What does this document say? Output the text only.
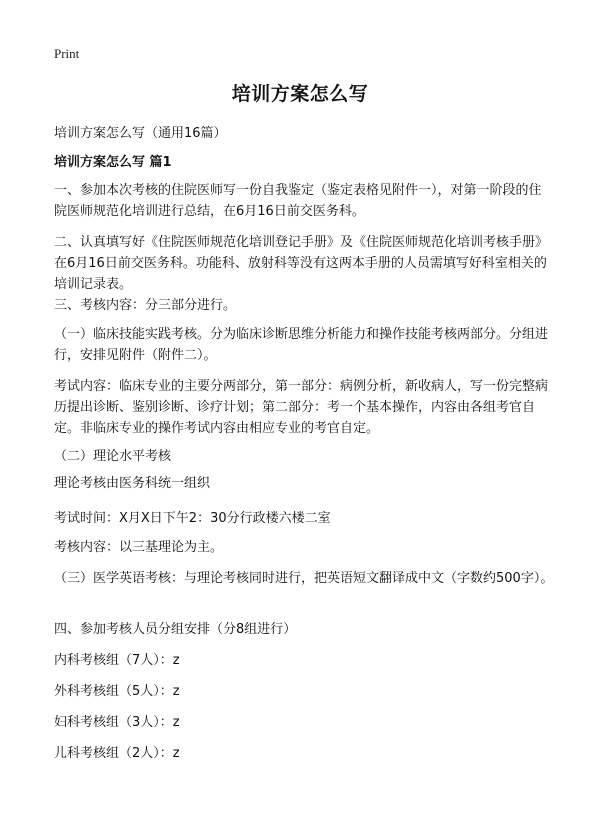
Print
培训方案怎么写
培训方案怎么写（通用16篇）
培训方案怎么写 篇1

一、参加本次考核的住院医师写一份自我鉴定（鉴定表格见附件一），对第一阶段的住院医师规范化培训进行总结，在6月16日前交医务科。

二、认真填写好《住院医师规范化培训登记手册》及《住院医师规范化培训考核手册》在6月16日前交医务科。功能科、放射科等没有这两本手册的人员需填写好科室相关的培训记录表。

三、考核内容：分三部分进行。

（一）临床技能实践考核。分为临床诊断思维分析能力和操作技能考核两部分。分组进行，安排见附件（附件二）。

考试内容：临床专业的主要分两部分，第一部分：病例分析，新收病人，写一份完整病历提出诊断、鉴别诊断、诊疗计划；第二部分：考一个基本操作，内容由各组考官自定。非临床专业的操作考试内容由相应专业的考官自定。

（二）理论水平考核

理论考核由医务科统一组织

考试时间：X月X日下午2：30分行政楼六楼二室

考核内容：以三基理论为主。

（三）医学英语考核：与理论考核同时进行，把英语短文翻译成中文（字数约500字）。

四、参加考核人员分组安排（分8组进行）

内科考核组（7人）：z

外科考核组（5人）：z

妇科考核组（3人）：z

儿科考核组（2人）：z
